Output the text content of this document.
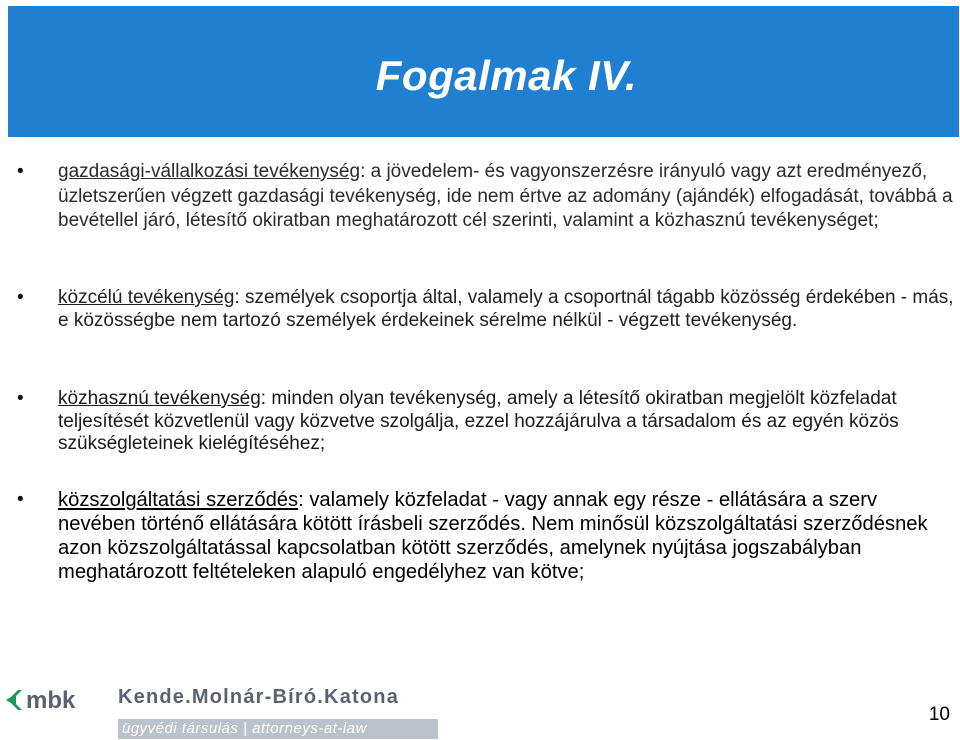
Fogalmak IV.
• gazdasági-vállalkozási tevékenység: a jövedelem- és vagyonszerzésre irányuló vagy azt eredményező, üzletszerűen végzett gazdasági tevékenység, ide nem értve az adomány (ajándék) elfogadását, továbbá a bevétellel járó, létesítő okiratban meghatározott cél szerinti, valamint a közhasznú tevékenységet;
• közcélú tevékenység: személyek csoportja által, valamely a csoportnál tágabb közösség érdekében - más, e közösségbe nem tartozó személyek érdekeinek sérelme nélkül - végzett tevékenység.
• közhasznú tevékenység: minden olyan tevékenység, amely a létesítő okiratban megjelölt közfeladat teljesítését közvetlenül vagy közvetve szolgálja, ezzel hozzájárulva a társadalom és az egyén közös szükségleteinek kielégítéséhez;
• közszolgáltatási szerződés: valamely közfeladat - vagy annak egy része - ellátására a szerv nevében történő ellátására kötött írásbeli szerződés. Nem minősül közszolgáltatási szerződésnek azon közszolgáltatással kapcsolatban kötött szerződés, amelynek nyújtása jogszabályban meghatározott feltételeken alapuló engedélyhez van kötve;
mbk Kende.Molnár-Bíró.Katona
ügyvédi társulás | attorneys-at-law
10
